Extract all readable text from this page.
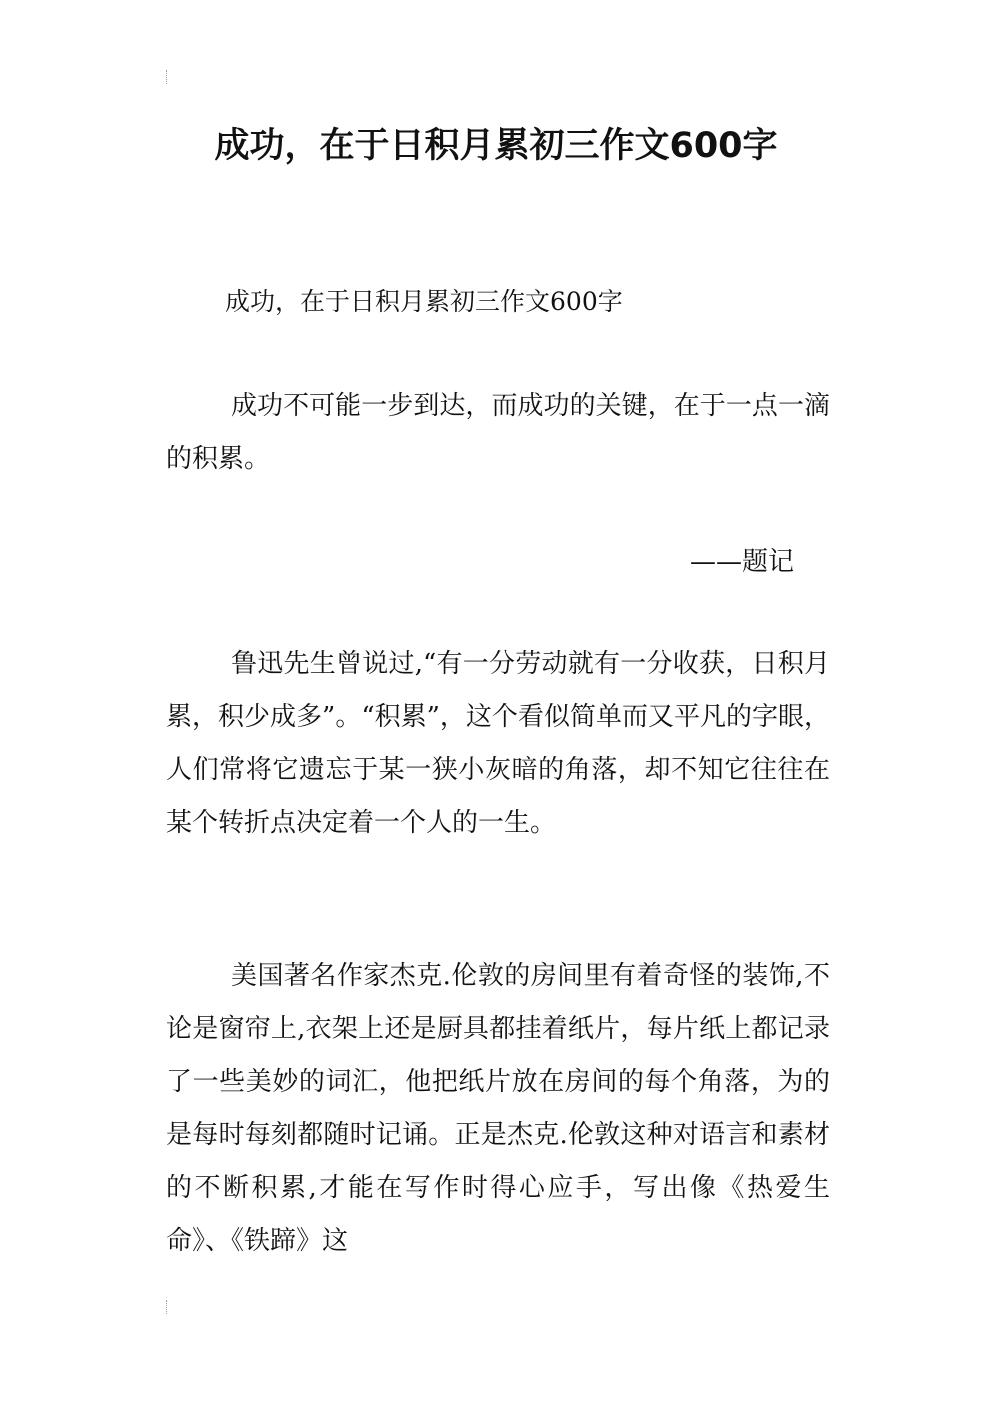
成功，在于日积月累初三作文600字

成功，在于日积月累初三作文600字

成功不可能一步到达，而成功的关键，在于一点一滴的积累。

——题记

鲁迅先生曾说过,“有一分劳动就有一分收获，日积月累，积少成多”。“积累”，这个看似简单而又平凡的字眼，人们常将它遗忘于某一狭小灰暗的角落，却不知它往往在某个转折点决定着一个人的一生。

美国著名作家杰克.伦敦的房间里有着奇怪的装饰,不论是窗帘上,衣架上还是厨具都挂着纸片，每片纸上都记录了一些美妙的词汇，他把纸片放在房间的每个角落，为的是每时每刻都随时记诵。正是杰克.伦敦这种对语言和素材的不断积累,才能在写作时得心应手，写出像《热爱生命》、《铁蹄》这
